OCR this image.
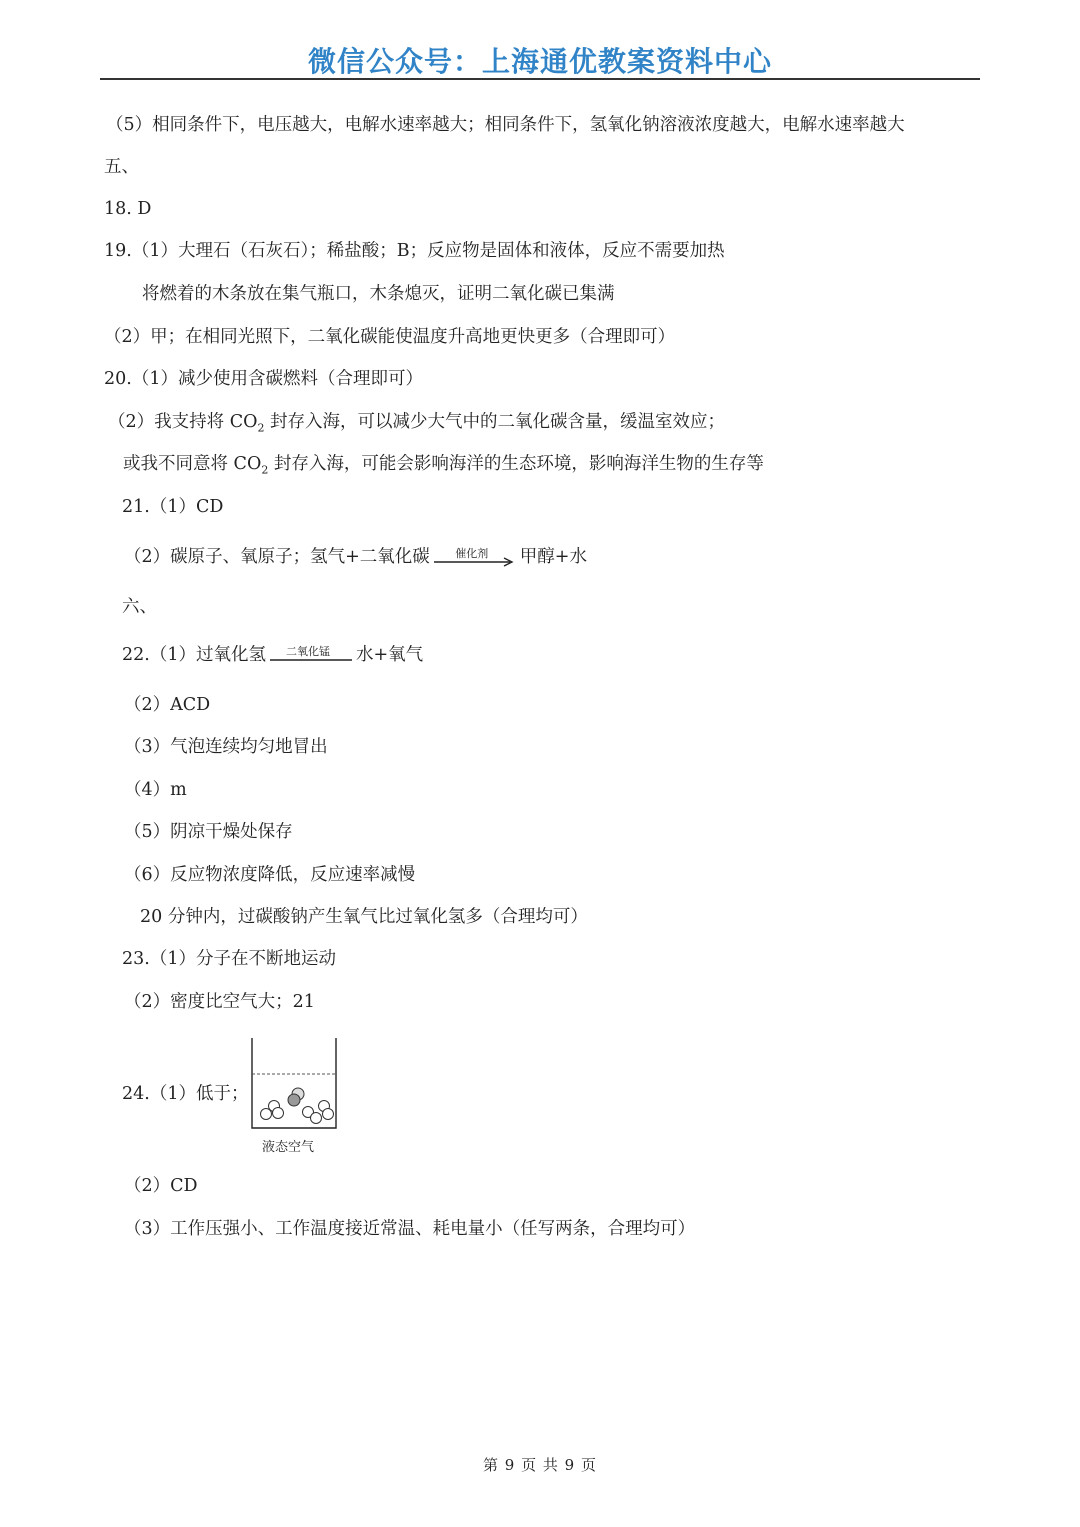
微信公众号：上海通优教案资料中心
（5）相同条件下，电压越大，电解水速率越大；相同条件下，氢氧化钠溶液浓度越大，电解水速率越大
五、
18. D
19.（1）大理石（石灰石）；稀盐酸；B；反应物是固体和液体，反应不需要加热
将燃着的木条放在集气瓶口，木条熄灭，证明二氧化碳已集满
（2）甲；在相同光照下，二氧化碳能使温度升高地更快更多（合理即可）
20.（1）减少使用含碳燃料（合理即可）
（2）我支持将 $CO_2$ 封存入海，可以减少大气中的二氧化碳含量，缓温室效应；
或我不同意将 $CO_2$ 封存入海，可能会影响海洋的生态环境，影响海洋生物的生存等
21.（1）CD
（2）碳原子、氧原子；氢气+二氧化碳	催化剂	甲醇+水
六、
22.（1）过氧化氢	二氧化锰	水+氧气
（2）ACD
（3）气泡连续均匀地冒出
（4）m
（5）阴凉干燥处保存
（6）反应物浓度降低，反应速率减慢
20 分钟内，过碳酸钠产生氧气比过氧化氢多（合理均可）
23.（1）分子在不断地运动
（2）密度比空气大；21
24.（1）低于；
液态空气
（2）CD
（3）工作压强小、工作温度接近常温、耗电量小（任写两条，合理均可）
第 9 页 共 9 页
